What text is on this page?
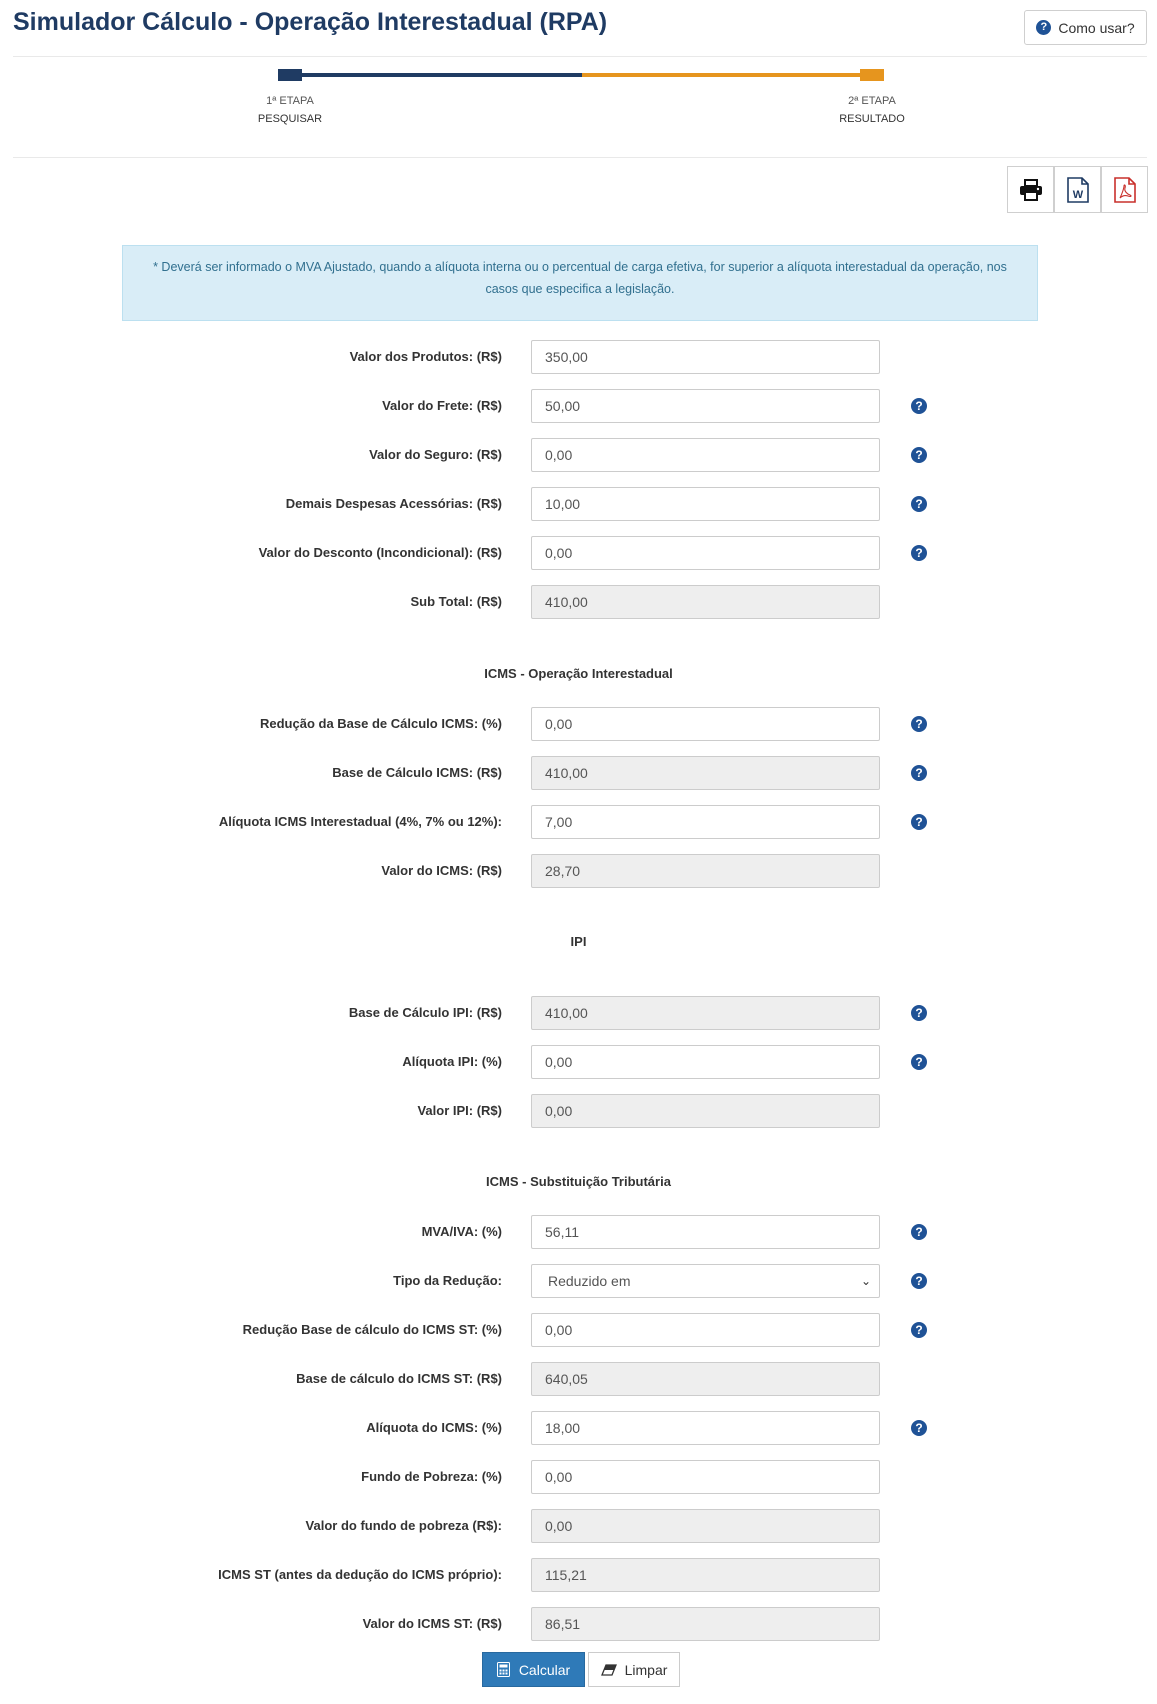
Simulador Cálculo - Operação Interestadual (RPA)	? Como usar?
1ª ETAPA
PESQUISAR
2ª ETAPA
RESULTADO
W
* Deverá ser informado o MVA Ajustado, quando a alíquota interna ou o percentual de carga efetiva, for superior a alíquota interestadual da operação, nos casos que especifica a legislação.
Valor dos Produtos: (R$)
350,00
Valor do Frete: (R$)
50,00	?
Valor do Seguro: (R$)
0,00	?
Demais Despesas Acessórias: (R$)
10,00	?
Valor do Desconto (Incondicional): (R$)
0,00	?
Sub Total: (R$)
410,00
ICMS - Operação Interestadual
Redução da Base de Cálculo ICMS: (%)
0,00	?
Base de Cálculo ICMS: (R$)
410,00	?
Alíquota ICMS Interestadual (4%, 7% ou 12%):
7,00	?
Valor do ICMS: (R$)
28,70
IPI
Base de Cálculo IPI: (R$)
410,00	?
Alíquota IPI: (%)
0,00	?
Valor IPI: (R$)
0,00
ICMS - Substituição Tributária
MVA/IVA: (%)
56,11	?
Tipo da Redução:	Reduzido em	⌄	?
Redução Base de cálculo do ICMS ST: (%)
0,00	?
Base de cálculo do ICMS ST: (R$)
640,05
Alíquota do ICMS: (%)
18,00	?
Fundo de Pobreza: (%)
0,00
Valor do fundo de pobreza (R$):
0,00
ICMS ST (antes da dedução do ICMS próprio):
115,21
Valor do ICMS ST: (R$)
86,51
Calcular	Limpar
